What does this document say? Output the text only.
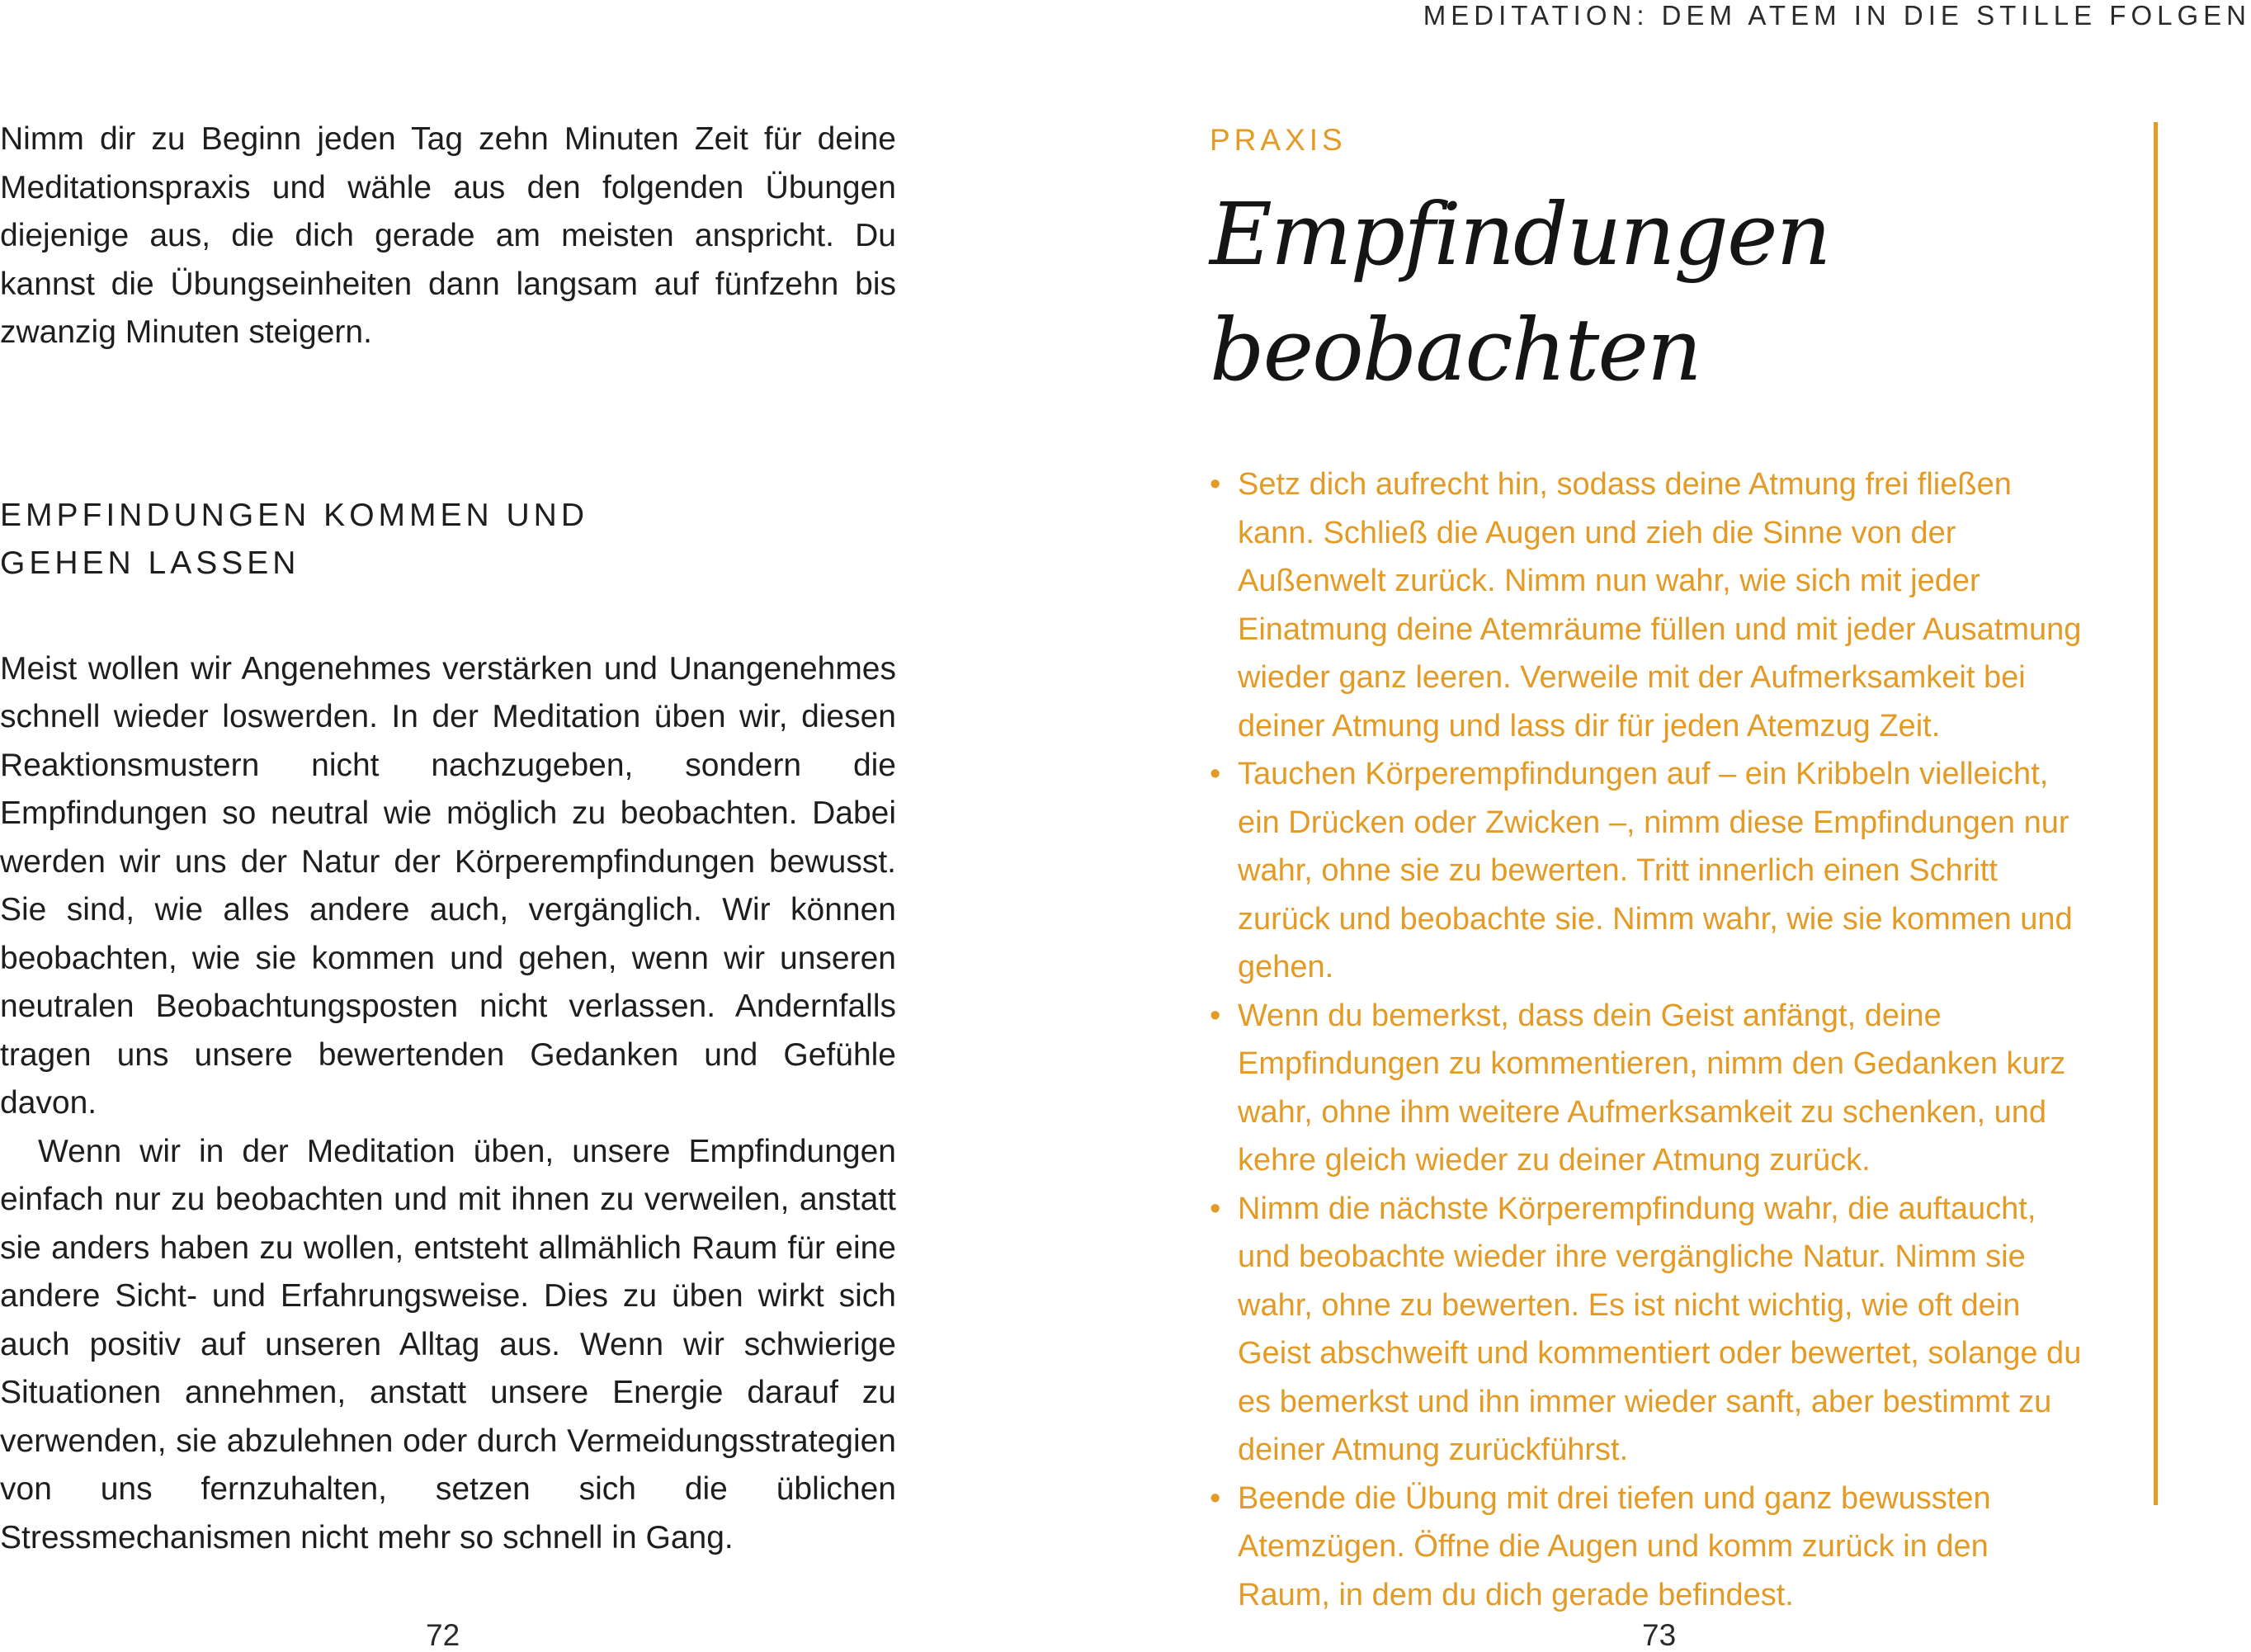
MEDITATION: DEM ATEM IN DIE STILLE FOLGEN

Nimm dir zu Beginn jeden Tag zehn Minuten Zeit für deine Meditationspraxis und wähle aus den folgenden Übungen diejenige aus, die dich gerade am meisten anspricht. Du kannst die Übungseinheiten dann langsam auf fünfzehn bis zwanzig Minuten steigern.

EMPFINDUNGEN KOMMEN UND GEHEN LASSEN

Meist wollen wir Angenehmes verstärken und Unangenehmes schnell wieder loswerden. In der Meditation üben wir, diesen Reaktionsmustern nicht nachzugeben, sondern die Empfindungen so neutral wie möglich zu beobachten. Dabei werden wir uns der Natur der Körperempfindungen bewusst. Sie sind, wie alles andere auch, vergänglich. Wir können beobachten, wie sie kommen und gehen, wenn wir unseren neutralen Beobachtungsposten nicht verlassen. Andernfalls tragen uns unsere bewertenden Gedanken und Gefühle davon.

Wenn wir in der Meditation üben, unsere Empfindungen einfach nur zu beobachten und mit ihnen zu verweilen, anstatt sie anders haben zu wollen, entsteht allmählich Raum für eine andere Sicht- und Erfahrungsweise. Dies zu üben wirkt sich auch positiv auf unseren Alltag aus. Wenn wir schwierige Situationen annehmen, anstatt unsere Energie darauf zu verwenden, sie abzulehnen oder durch Vermeidungsstrategien von uns fernzuhalten, setzen sich die üblichen Stressmechanismen nicht mehr so schnell in Gang.

PRAXIS
Empfindungen beobachten
• Setz dich aufrecht hin, sodass deine Atmung frei fließen kann. Schließ die Augen und zieh die Sinne von der Außenwelt zurück. Nimm nun wahr, wie sich mit jeder Einatmung deine Atemräume füllen und mit jeder Ausatmung wieder ganz leeren. Verweile mit der Aufmerksamkeit bei deiner Atmung und lass dir für jeden Atemzug Zeit.
• Tauchen Körperempfindungen auf – ein Kribbeln vielleicht, ein Drücken oder Zwicken –, nimm diese Empfindungen nur wahr, ohne sie zu bewerten. Tritt innerlich einen Schritt zurück und beobachte sie. Nimm wahr, wie sie kommen und gehen.
• Wenn du bemerkst, dass dein Geist anfängt, deine Empfindungen zu kommentieren, nimm den Gedanken kurz wahr, ohne ihm weitere Aufmerksamkeit zu schenken, und kehre gleich wieder zu deiner Atmung zurück.
• Nimm die nächste Körperempfindung wahr, die auftaucht, und beobachte wieder ihre vergängliche Natur. Nimm sie wahr, ohne zu bewerten. Es ist nicht wichtig, wie oft dein Geist abschweift und kommentiert oder bewertet, solange du es bemerkst und ihn immer wieder sanft, aber bestimmt zu deiner Atmung zurückführst.
• Beende die Übung mit drei tiefen und ganz bewussten Atemzügen. Öffne die Augen und komm zurück in den Raum, in dem du dich gerade befindest.
72	73
